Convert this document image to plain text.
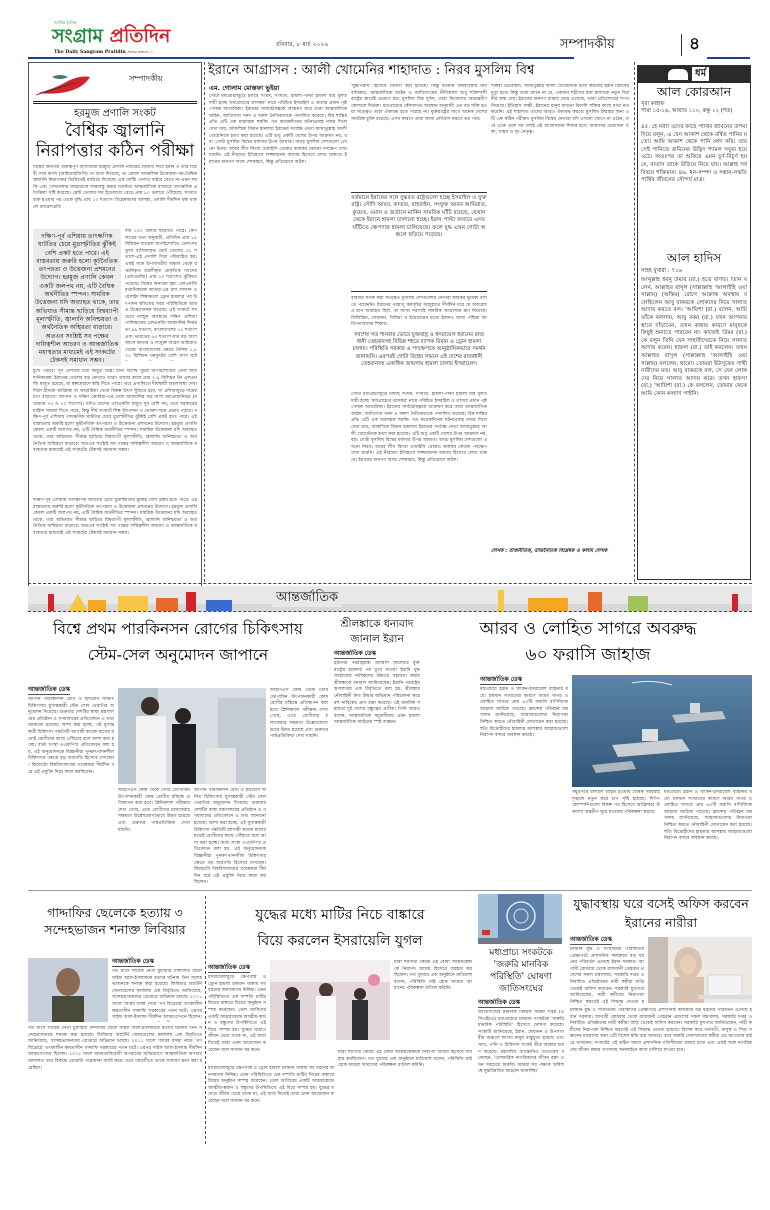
জাতীয় দৈনিক
সংগ্রাম প্রতিদিন
The Daily Sangram Pratidin সত্যের সন্ধানে...!
রবিবার, ৮ মার্চ ২০২৬	সম্পাদকীয়	৪
সম্পাদকীয়
হরমুজ প্রণালি সংকট
বৈশ্বিক জ্বালানি নিরাপত্তার কঠিন পরীক্ষা
বিশ্বের অন্যতম গুরুত্বপূর্ণ বাণিজ্যিক হরমুজ প্রণালি নজরের ঘোষণা দিয়ে ইরান ও তার বিপ্লবী গার্ড কর্পস (আইআরজিসি) যে বার্তা দিয়েছে, তা কেবল আঞ্চলিক উত্তেজনা নয়-বৈশ্বিক জ্বালানি নিরাপত্তার ভিত্তিতেই নাড়িয়ে দিয়েছে। এক ফোঁটা তেলও বাইরে যেতে না-এমন হুমকি এবং সেখানকার জাহাজকে লক্ষ্যবস্তু করার সতর্কতা আন্তর্জাতিক বাজারে তাৎক্ষণিক প্রতিক্রিয়া সৃষ্টি করেছে। ব্রেন্ট তেলের দাম ইতোমধ্যে বেড়ে প্রায় ৮০ ডলারে পৌঁছেছে; সংঘাত শুরু হওয়ার পর থেকে বৃদ্ধি প্রায় ১০ শতাংশ। বিশ্লেষকদের আশঙ্কা, প্রণালি দীর্ঘদিন বন্ধ থাকলে ব্যারেলপ্রতি
দক্ষিণ-পূর্ব এশিয়ায় তাৎক্ষণিক ঘাটতির চেয়ে মুদ্রাস্ফীতির ঝুঁকিই বেশি প্রকট হতে পারে। এই বাস্তবতায় জরুরি হলো কূটনৈতিক তৎপরতা ও উত্তেজনা প্রশমনের উদ্যোগ। হরমুজ প্রণালি কেবল একটি জলপথ নয়, এটি বৈশ্বিক অর্থনীতির স্পন্দন। সামরিক উত্তেজনা যদি অব্যাহত থাকে, তার অভিঘাত সীমান্ত ছাড়িয়ে বিশ্বব্যাপী মূল্যস্ফীতি, জ্বালানি অনিশ্চয়তা ও অর্থনৈতিক অস্থিরতা বাড়াবে। অতএব সংশ্লিষ্ট সব পক্ষের দায়িত্বশীল আচরণ ও আন্তর্জাতিক মধ্যস্থতার মাধ্যমেই এই সংকটের টেকসই সমাধান সম্ভব।
দাম ১০০ ডলার ছাড়াতে পারে। কেপলারের তথ্য অনুযায়ী, প্রতিদিন প্রায় ১৫ মিলিয়ন ব্যারেল অপরিশোধিত তেল-সমতুল্য বাণিজ্যকৃত মোট তেলের ৩১ শতাংশ-এই প্রণালি দিয়ে পরিবাহিত হয়। একই সঙ্গে উপসাগরীয় অঞ্চল থেকে রপ্তানিকৃত তরলীকৃত প্রাকৃতিক গ্যাসের (এলএনজি) প্রায় ২০ শতাংশও ঝুঁকিতে পড়েছে। বিশ্বের অন্যতম বৃহৎ এলএনজি রপ্তানিকারক কাতার-এর রাস লাফান ও মেসাইদ শিল্পাঞ্চলে ড্রোন হামলার পর উৎপাদন স্থগিতের খবর পরিস্থিতিকে আরও উদ্বেগজনক করেছে। এই সংকটে সবচেয়ে নাজুক অবস্থানে দক্ষিণ এশিয়া। পাকিস্তানের এলএনজি আমদানির নির্ভরতা ৯৯ শতাংশ, বাংলাদেশের ৭২ শতাংশ এবং ভারতের ৫৩ শতাংশ-যার বড় অংশ আসে কাতার ও সংযুক্ত আরব আমিরাত থেকে। বাংলাদেশের ক্ষেত্রে দৈনিক ১,৫০০ মিলিয়ন ঘনফুটের বেশি গ্যাস ঘাট
মুখে পড়বে। পূর্ব এশিয়ার চিত্র কিছুটা ভিন্ন। চীনা বিশেষ খুচরা অপরিশোধিত তেল আমদানিকারক; ইরানের তেলের বড় ক্রেতাও তারা। তাদের কাছে প্রায় ৭.৯ মিলিয়ন টন এলএনজি মজুত রয়েছে, যা স্বল্পমেয়াদে স্বস্তি দিতে পারে। তবে প্রণালিতে দীর্ঘস্থায়ী অচলাবস্থা দেখা দিলে চীনকে আফ্রিকা বা আমেরিকা থেকে বিকল্প উৎস খুঁজতে হবে, যা এশিয়াজুড়ে দামের চাপ বাড়াবে। জাপান ও দক্ষিণ কোরিয়া-এর তেল আমদানির বড় অংশ মধ্যপ্রাচ্যনির্ভর (যথাক্রমে ৭৫ ও ৭০ শতাংশ)। যদিও তাদের এলএনজি মজুত খুব বেশি নয়, তবে সরকারের চাহিদা সামাল দিতে পারে, কিন্তু দীর্ঘ সংকটে শিল্প উৎপাদন ও ভোক্তা দামে প্রভাব পড়বে। দক্ষিণ-পূর্ব এশিয়ায় তাৎক্ষণিক ঘাটতির চেয়ে মুদ্রাস্ফীতির ঝুঁকিই বেশি প্রকট হতে পারে। এই বাস্তবতায় জরুরি হলো কূটনৈতিক তৎপরতা ও উত্তেজনা প্রশমনের উদ্যোগ। হরমুজ প্রণালি কেবল একটি জলপথ নয়, এটি বৈশ্বিক অর্থনীতির স্পন্দন। সামরিক উত্তেজনা যদি অব্যাহত থাকে, তার অভিঘাত সীমান্ত ছাড়িয়ে বিশ্বব্যাপী মূল্যস্ফীতি, জ্বালানি অনিশ্চয়তা ও অর্থনৈতিক অস্থিরতা বাড়াবে। অতএব সংশ্লিষ্ট সব পক্ষের দায়িত্বশীল আচরণ ও আন্তর্জাতিক মধ্যস্থতার মাধ্যমেই এই সংকটের টেকসই সমাধান সম্ভব।
দক্ষিণ-পূর্ব এশিয়ায় তাৎক্ষণিক ঘাটতির চেয়ে মুদ্রাস্ফীতির ঝুঁকিই বেশি প্রকট হতে পারে। এই বাস্তবতায় জরুরি হলো কূটনৈতিক তৎপরতা ও উত্তেজনা প্রশমনের উদ্যোগ। হরমুজ প্রণালি কেবল একটি জলপথ নয়, এটি বৈশ্বিক অর্থনীতির স্পন্দন। সামরিক উত্তেজনা যদি অব্যাহত থাকে, তার অভিঘাত সীমান্ত ছাড়িয়ে বিশ্বব্যাপী মূল্যস্ফীতি, জ্বালানি অনিশ্চয়তা ও অর্থনৈতিক অস্থিরতা বাড়াবে। অতএব সংশ্লিষ্ট সব পক্ষের দায়িত্বশীল আচরণ ও আন্তর্জাতিক মধ্যস্থতার মাধ্যমেই এই সংকটের টেকসই সমাধান সম্ভব।
ইরানে আগ্রাসন : আলী খোমেনির শাহাদাত : নিরব মুসলিম বিশ্ব
এম. গোলাম মোস্তফা ভুইয়া
গোটা মধ্যপ্রাচ্যজুড়ে চলছে সংঘর্ষ, সংঘাত, হামলা-পাল্টা হামলা যার মূলত দায়ী হচ্ছে 'মধ্যপ্রাচ্যের ত্রাসকর' নামে পরিচিত ইসরাইল ও তাদের প্রধান পৃষ্ঠপোষক আমেরিকা। ইরানের সার্বভৌমত্বকে আক্রমণ করে তারা আন্তর্জাতিক আইন, জাতিসংঘ সনদ ও সকল নৈতিকতাকে পদদলিত করেছে। বিশ্ব শান্তির প্রতি এটি এক মারাত্মক হুমকি। গত কয়েকদিনের ঘটনাপ্রবাহ নজর দিলে দেখা যায়, আকস্মিক বিমান হামলায় ইরানের সর্বোচ্চ নেতা আয়াতুল্লাহ আলী খোমেনিকে হত্যা করা হয়েছে। এটি শুধু একটি দেশের উপর আক্রমণ নয়, বরং গোটা মুসলিম বিশ্বের মর্যাদার উপর আঘাত। অথচ মুসলিম দেশগুলো এখনো নিরব। আরব লীগ কিংবা ওআইসি থেকেও কার্যকর কোনো পদক্ষেপ দেখা যায়নি। এই নীরবতা ইতিহাসে লজ্জাজনক অধ্যায় হিসেবে লেখা থাকবে। ইরানের জনগণ আজ শোকাহত, কিন্তু প্রতিরোধে অটল।
'যুদ্ধাপরাধ' হিসেবে ঘোষণা করা হয়েছে। কিন্তু বর্তমান বিশ্বব্যবস্থায় মানবাধিকার, আন্তর্জাতিক আইন ও জাতিসংঘের নীতিমালা শুধু শক্তিশালী রাষ্ট্রের স্বার্থেই প্রয়োগ হয়। মুসলিম বিশ্ব দুর্বল; তারা নিজেদের অভ্যন্তরীণ কোন্দলে বিভক্ত। মধ্যপ্রাচ্যের কৌশলগত অবস্থান অনুযায়ী এত বড় শক্তি হওয়া সত্ত্বেও তারা ঐক্যবদ্ধ হতে পারছে না। যুক্তরাষ্ট্রের সাথে অনেক দেশের সামরিক চুক্তি রয়েছে। এসব কারণে তারা আজ প্রতিবাদ করতে ভয় পায়।
বর্তমানে ইরানের সঙ্গে যুদ্ধরত রাষ্ট্রগুলো হচ্ছে ইসরাইল ও যুক্তরাষ্ট্র। সৌদি আরব, কাতার, বাহরাইন, সংযুক্ত আরব আমিরাত, কুয়েত, ওমান ও জর্ডানে মার্কিন সামরিক ঘাঁটি রয়েছে, যেখান থেকে ইরানে হামলা চালানো হচ্ছে। ইরান পাল্টা জবাবে এসব ঘাঁটিতে ক্ষেপণাস্ত্র হামলা চালিয়েছে। ফলে যুদ্ধ এখন গোটা অঞ্চলে ছড়িয়ে পড়েছে।
বারবার সতর্ক করা সত্ত্বেও মুসলিম দেশগুলোর নেতারা কার্যকর ভূমিকা রাখতে পারেননি। ইরানের পরমাণু কর্মসূচির অজুহাতে দীর্ঘদিন ধরে যে অবরোধ ও চাপ অব্যাহত ছিল, তা আজ সরাসরি সামরিক আগ্রাসনে রূপ নিয়েছে। ফিলিস্তিন, লেবানন, সিরিয়া ও ইয়েমেনের মতো ইরানও আজ পশ্চিমা আধিপত্যবাদের শিকার।
সর্বশেষ গত শনিবার ভোরে যুক্তরাষ্ট্র ও ইসরায়েল ইরানের রাজধানী তেহরানসহ বিভিন্ন শহরে ব্যাপক বিমান ও ড্রোন হামলা চালায়। পরিস্থিতি সরকার এ পদক্ষেপকে আনুষ্ঠানিকভাবে সমর্থন জানায়নি। এরপরই গোটা বিশ্বের সামনে এই দেশের রাজধানী তেহরানসহ একাধিক জায়গায় হামলা চালায় ইসরায়েল।
গোটা মধ্যপ্রাচ্যজুড়ে চলছে সংঘর্ষ, সংঘাত, হামলা-পাল্টা হামলা যার মূলত দায়ী হচ্ছে 'মধ্যপ্রাচ্যের ত্রাসকর' নামে পরিচিত ইসরাইল ও তাদের প্রধান পৃষ্ঠপোষক আমেরিকা। ইরানের সার্বভৌমত্বকে আক্রমণ করে তারা আন্তর্জাতিক আইন, জাতিসংঘ সনদ ও সকল নৈতিকতাকে পদদলিত করেছে। বিশ্ব শান্তির প্রতি এটি এক মারাত্মক হুমকি। গত কয়েকদিনের ঘটনাপ্রবাহ নজর দিলে দেখা যায়, আকস্মিক বিমান হামলায় ইরানের সর্বোচ্চ নেতা আয়াতুল্লাহ আলী খোমেনিকে হত্যা করা হয়েছে। এটি শুধু একটি দেশের উপর আক্রমণ নয়, বরং গোটা মুসলিম বিশ্বের মর্যাদার উপর আঘাত। অথচ মুসলিম দেশগুলো এখনো নিরব। আরব লীগ কিংবা ওআইসি থেকেও কার্যকর কোনো পদক্ষেপ দেখা যায়নি। এই নীরবতা ইতিহাসে লজ্জাজনক অধ্যায় হিসেবে লেখা থাকবে। ইরানের জনগণ আজ শোকাহত, কিন্তু প্রতিরোধে অটল।
শত্রুরা ভেবেছিল, আয়াতুল্লাহ আলী খোমেনিকে হত্যা করলেই ইরান বিপ্লবের মৃত্যু হবে। কিন্তু তারা জানে না যে, একজন শহীদের রক্ত হাজারো নতুন বিপ্লবীর জন্ম দেয়। ইরানের জনগণ রাস্তায় নেমে এসেছে, তারা প্রতিশোধের শপথ নিয়েছে। ইতিহাস সাক্ষী, ইরানের মানুষ কখনো বিদেশি শক্তির কাছে মাথা নত করেনি। এই শাহাদাত তাদের আরও ঐক্যবদ্ধ করবে। মুসলিম উম্মাহর জন্য এটি এক কঠিন পরীক্ষা। মুসলিম বিশ্বের নেতারা যদি এখনো জেগে না ওঠেন, তবে একে একে সব দেশই এই আগ্রাসনের শিকার হবে। আমাদের প্রয়োজন ঐক্য, সাহস ও দৃঢ় নেতৃত্ব।
লেখক : রাজনীতিক, রাজনৈতিক বিশ্লেষক ও কলাম লেখক
ধর্ম
আল কোরআন
সূরা কাহাফ
পারা ১৫-১৬, আয়াত ১১০, রুকু ১২ (শর্ত)
৪৫. হে নবী! ওদের কাছে পার্থিব জীবনের উপমা দিয়ে বলুন, এ যেন আকাশ থেকে বর্ষিত পানির মতো। আমি আকাশ থেকে পানি বর্ষণ করি। তার সেই পানিতে জমিনের উদ্ভিদ শ্যামল সবুজ হয়ে ওঠে। অতঃপর তা শুকিয়ে এমন চূর্ণ-বিচূর্ণ হয় যে, বাতাস তাকে উড়িয়ে নিয়ে যায়। আল্লাহ সর্ববিষয়ে শক্তিমান। ৪৬. ধন-সম্পদ ও সন্তান-সন্ততি পার্থিব জীবনের সৌন্দর্য মাত্র।
আল হাদিস
সহিহ বুখারী : ৭১৬
আব্দুল্লাহ ইবনু উমার (রা.) হতে বর্ণিত। তিনি বলেন, আল্লাহর রাসূল (সাল্লাল্লাহু 'আলাইহি ওয়া সাল্লাম) (অন্তিম) রোগে আক্রান্ত অবস্থায় বলেছিলেন আবু বাকরকে লোকদের নিয়ে সালাত আদায় করতে বল। 'আয়িশা (রা.) বলেন, আমি তাঁকে বললাম, আবু বকর (রা.) যখন আপনার স্থানে দাঁড়াবেন, তখন কান্নার কারণে মানুষকে কিছুই শুনাতে পারবেন না। কাজেই 'উমর (রা.) কে বলুন তিনি যেন সাহাবীদেরকে নিয়ে সালাত আদায় করেন। হাফসা (রা.) তাই করলেন। তখন আল্লাহর রাসূল (সাল্লাল্লাহু 'আলাইহি ওয়া সাল্লাম) বললেন, থামো। তোমরা ইউসুফের সাথী নারীদের মত। আবু বাকরকে বল, সে যেন লোকদের নিয়ে সালাত আদায় করে। তখন হাফসা (রা.) 'আয়িশা (রা.) কে বললেন, তোমার থেকে আমি কোন কল্যাণ পাইনি।
আন্তর্জাতিক
বিশ্বে প্রথম পারকিনসন রোগের চিকিৎসায়
স্টেম-সেল অনুমোদন জাপানে
আন্তর্জাতিক ডেস্ক
জাপান পারকিনসন রোগ ও হৃদরোগ জনিত চিকিৎসায় যুগান্তকারী স্টেম সেল থেরাপির অনুমোদন দিয়েছে। শুক্রবার দেশটির স্বাস্থ্য মন্ত্রণালয়ের প্রতিষ্ঠান ও গণমাধ্যমের প্রতিবেদনে এ তথ্য জানানো হয়েছে। আশা করা হচ্ছে, এই যুগান্তকারী চিকিৎসা পদ্ধতিটি আগামী কয়েক মাসের মধ্যেই রোগীদের কাছে পৌঁছাবে বলে আশা করা হচ্ছে। বার্তা সংস্থা এএফপি'র প্রতিবেদনে বলা হয়, এই অনুমোদনকে বিজ্ঞানীরা পুনরুৎপাদনশীল চিকিৎসার ক্ষেত্রে বড় অগ্রগতি হিসেবে দেখছেন। কিয়োটো বিশ্ববিদ্যালয়ের গবেষকরা দীর্ঘদিন ধরে এই প্রযুক্তি নিয়ে কাজ করছিলেন।
আইপিএস কোষ থেকে তৈরি ডোপামিন উৎপাদনকারী কোষ রোগীর মস্তিষ্কে প্রতিস্থাপন করা হবে। ক্লিনিক্যাল পরীক্ষায় দেখা গেছে, এতে রোগীদের চলাফেরার সক্ষমতা উল্লেখযোগ্যভাবে উন্নত হয়েছে এবং গুরুতর পার্শ্বপ্রতিক্রিয়া দেখা যায়নি।
জাপান পারকিনসন রোগ ও হৃদরোগ জনিত চিকিৎসায় যুগান্তকারী স্টেম সেল থেরাপির অনুমোদন দিয়েছে। শুক্রবার দেশটির স্বাস্থ্য মন্ত্রণালয়ের প্রতিষ্ঠান ও গণমাধ্যমের প্রতিবেদনে এ তথ্য জানানো হয়েছে। আশা করা হচ্ছে, এই যুগান্তকারী চিকিৎসা পদ্ধতিটি আগামী কয়েক মাসের মধ্যেই রোগীদের কাছে পৌঁছাবে বলে আশা করা হচ্ছে। বার্তা সংস্থা এএফপি'র প্রতিবেদনে বলা হয়, এই অনুমোদনকে বিজ্ঞানীরা পুনরুৎপাদনশীল চিকিৎসার ক্ষেত্রে বড় অগ্রগতি হিসেবে দেখছেন। কিয়োটো বিশ্ববিদ্যালয়ের গবেষকরা দীর্ঘদিন ধরে এই প্রযুক্তি নিয়ে কাজ করছিলেন।
আইপিএস কোষ থেকে তৈরি ডোপামিন উৎপাদনকারী কোষ রোগীর মস্তিষ্কে প্রতিস্থাপন করা হবে। ক্লিনিক্যাল পরীক্ষায় দেখা গেছে, এতে রোগীদের চলাফেরার সক্ষমতা উল্লেখযোগ্যভাবে উন্নত হয়েছে এবং গুরুতর পার্শ্বপ্রতিক্রিয়া দেখা যায়নি।
শ্রীলঙ্কাকে ধন্যবাদ জানাল ইরান
আন্তর্জাতিক ডেস্ক
ইরানের পররাষ্ট্রমন্ত্রী আব্বাস আরাঘচি যুক্তরাষ্ট্রের হামলার পর ডুবে যাওয়া ইরানি যুদ্ধজাহাজের নাবিকদের উদ্ধারে সহায়তা করায় শ্রীলঙ্কাকে ধন্যবাদ জানিয়েছেন। ইরানি পররাষ্ট্রমন্ত্রণালয়ের এক বিবৃতিতে বলা হয়, শ্রীলঙ্কার নৌবাহিনী দ্রুত উদ্ধার অভিযান পরিচালনা করে বহু নাবিকের প্রাণ রক্ষা করেছে। এই মানবিক সহায়তা দুই দেশের বন্ধুত্বের প্রতীক। তিনি আরও বলেন, আন্তর্জাতিক সমুদ্রসীমায় এমন হামলা আন্তর্জাতিক আইনের স্পষ্ট লঙ্ঘন।
আরব ও লোহিত সাগরে অবরুদ্ধ
৬০ ফরাসি জাহাজ
আন্তর্জাতিক ডেস্ক
মধ্যপ্রাচ্যে ইরান ও মার্কিন-ইসরায়েল বাহিনীর মধ্যে চলমান সংঘাতের কারণে আরব সাগর ও লোহিত সাগরে প্রায় ৬০টি ফরাসি বাণিজ্যিক জাহাজ আটকে পড়েছে। ফ্রান্সের পরিবহন মন্ত্রণালয় জানিয়েছে, জাহাজগুলোর নিরাপত্তা নিশ্চিত করতে নৌবাহিনী মোতায়েন করা হয়েছে। হুতি বিদ্রোহীদের হামলার আশঙ্কায় জাহাজগুলো নিরাপদ বন্দরে অবস্থান করছে।
সমুদ্রপথে চলাচল ব্যাহত হওয়ায় বৈশ্বিক সরবরাহ শৃঙ্খলে নতুন করে চাপ সৃষ্টি হয়েছে। শিপিং কোম্পানিগুলো বিকল্প পথ হিসেবে আফ্রিকার উত্তমাশা অন্তরীপ ঘুরে যাওয়ার পরিকল্পনা করছে।
মধ্যপ্রাচ্যে ইরান ও মার্কিন-ইসরায়েল বাহিনীর মধ্যে চলমান সংঘাতের কারণে আরব সাগর ও লোহিত সাগরে প্রায় ৬০টি ফরাসি বাণিজ্যিক জাহাজ আটকে পড়েছে। ফ্রান্সের পরিবহন মন্ত্রণালয় জানিয়েছে, জাহাজগুলোর নিরাপত্তা নিশ্চিত করতে নৌবাহিনী মোতায়েন করা হয়েছে। হুতি বিদ্রোহীদের হামলার আশঙ্কায় জাহাজগুলো নিরাপদ বন্দরে অবস্থান করছে।
গাদ্দাফির ছেলেকে হত্যায় ৩ সন্দেহভাজন শনাক্ত লিবিয়ার
আন্তর্জাতিক ডেস্ক
গত মাসে সাবেক নেতা মুয়াম্মার গাদ্দাফির ছেলে সাইফ আল-ইসলামকে হত্যার ঘটনায় তিন সন্দেহভাজনকে শনাক্ত করা হয়েছে। লিবিয়ার অ্যাটর্নি জেনারেলের কার্যালয় এক বিবৃতিতে জানিয়েছে, সন্দেহভাজনদের গ্রেপ্তারে অভিযান চলছে। ২০১১ সালে 'আরব বসন্ত' নামে 'গণ বিদ্রোহে' তৎকালীন ক্ষমতাসীন গাদ্দাফি সরকারের পতন ঘটে। এরপর সাইফ আল-ইসলাম দীর্ঘদিন আত্মগোপনে ছিলেন।
গত মাসে সাবেক নেতা মুয়াম্মার গাদ্দাফির ছেলে সাইফ আল-ইসলামকে হত্যার ঘটনায় তিন সন্দেহভাজনকে শনাক্ত করা হয়েছে। লিবিয়ার অ্যাটর্নি জেনারেলের কার্যালয় এক বিবৃতিতে জানিয়েছে, সন্দেহভাজনদের গ্রেপ্তারে অভিযান চলছে। ২০১১ সালে 'আরব বসন্ত' নামে 'গণ বিদ্রোহে' তৎকালীন ক্ষমতাসীন গাদ্দাফি সরকারের পতন ঘটে। এরপর সাইফ আল-ইসলাম দীর্ঘদিন আত্মগোপনে ছিলেন। ২০১১ সালে মানবতাবিরোধী অপরাধের অভিযোগে আন্তর্জাতিক অপরাধ আদালত তার বিরুদ্ধে গ্রেপ্তারি পরোয়ানা জারি করে। তবে পরবর্তীতে তাকে সাধারণ ক্ষমা করা হয়েছিল।
যুদ্ধের মধ্যে মাটির নিচে বাঙ্কারে
বিয়ে করলেন ইসরায়েলি যুগল
আন্তর্জাতিক ডেস্ক
ইসরায়েলজুড়ে ক্ষেপণাস্ত্র ও ড্রোন হামলা চলমান থাকায় সব ধরনের জনসমাগম নিষিদ্ধ। এমন পরিস্থিতিতে এক দম্পতি মাটির নিচের বাঙ্কারে বিয়ের অনুষ্ঠান সম্পন্ন করেছেন। তেল আবিবের একটি আশ্রয়কেন্দ্রে আত্মীয়-স্বজন ও বন্ধুদের উপস্থিতিতে এই বিয়ে সম্পন্ন হয়। যুদ্ধের মধ্যেও জীবন থেমে থাকে না, এই বার্তা দিতেই তারা এমন আয়োজন করেছেন বলে জানান বর-কনে।
যারা শরণার্থী কেন্দ্রে এই বোমা আশ্রয়কেন্দ্রকে নিরাপদ আশ্রয় হিসেবে ব্যবহার করছিলেন। গত বুধবার এক অনুষ্ঠানে মাতিয়াহু বলেন, পরিস্থিতি যাই হোক আমরা আমাদের পরিকল্পনা বাতিল করিনি।
ইসরায়েলজুড়ে ক্ষেপণাস্ত্র ও ড্রোন হামলা চলমান থাকায় সব ধরনের জনসমাগম নিষিদ্ধ। এমন পরিস্থিতিতে এক দম্পতি মাটির নিচের বাঙ্কারে বিয়ের অনুষ্ঠান সম্পন্ন করেছেন। তেল আবিবের একটি আশ্রয়কেন্দ্রে আত্মীয়-স্বজন ও বন্ধুদের উপস্থিতিতে এই বিয়ে সম্পন্ন হয়। যুদ্ধের মধ্যেও জীবন থেমে থাকে না, এই বার্তা দিতেই তারা এমন আয়োজন করেছেন বলে জানান বর-কনে।
যারা শরণার্থী কেন্দ্রে এই বোমা আশ্রয়কেন্দ্রকে নিরাপদ আশ্রয় হিসেবে ব্যবহার করছিলেন। গত বুধবার এক অনুষ্ঠানে মাতিয়াহু বলেন, পরিস্থিতি যাই হোক আমরা আমাদের পরিকল্পনা বাতিল করিনি।
মধ্যপ্রাচ্য সংকটকে 'জরুরি মানবিক পরিস্থিতি' ঘোষণা জাতিসংঘের
আন্তর্জাতিক ডেস্ক
জাতিসংঘের মানবিক বিষয়ক সমন্বয় দপ্তর (ওসিএইচএ) মধ্যপ্রাচ্যের চলমান সংকটকে 'জরুরি মানবিক পরিস্থিতি' হিসেবে ঘোষণা করেছে। সংস্থাটি জানিয়েছে, ইরান, লেবানন ও উপসাগরীয় অঞ্চলে লাখো মানুষ বাস্তুচ্যুত হয়েছে এবং খাদ্য, পানি ও চিকিৎসা সংকট তীব্র আকার ধারণ করেছে। মহাসচিব আন্তোনিও গুতেরেস বলেছেন, 'বেসামরিক নাগরিকদের জীবন রক্ষা এখন সবচেয়ে জরুরি। আমরা সব পক্ষকে অবিলম্বে যুদ্ধবিরতির আহ্বান জানাচ্ছি।'
যুদ্ধাবস্থায় ঘরে বসেই অফিস করবেন ইরানের নারীরা
আন্তর্জাতিক ডেস্ক
চলমান যুদ্ধ ও সংঘাতময় পরিস্থিতির প্রেক্ষাপটে প্রশাসনিক কার্যক্রমে বড় ধরনের পরিবর্তন এনেছে ইরান সরকার। আগামী রোববার থেকে রাজধানী তেহরান প্রদেশের সকল মন্ত্রণালয়, সরকারি দপ্তর ও নির্বাচিত প্রতিষ্ঠানের নারী কর্মীরা বাড়ি থেকেই অফিস করবেন। সরকারি মুখপাত্র জানিয়েছেন, নারী কর্মীদের নিরাপত্তা নিশ্চিত করতেই এই সিদ্ধান্ত নেওয়া হ
চলমান যুদ্ধ ও সংঘাতময় পরিস্থিতির প্রেক্ষাপটে প্রশাসনিক কার্যক্রমে বড় ধরনের পরিবর্তন এনেছে ইরান সরকার। আগামী রোববার থেকে রাজধানী তেহরান প্রদেশের সকল মন্ত্রণালয়, সরকারি দপ্তর ও নির্বাচিত প্রতিষ্ঠানের নারী কর্মীরা বাড়ি থেকেই অফিস করবেন। সরকারি মুখপাত্র জানিয়েছেন, নারী কর্মীদের নিরাপত্তা নিশ্চিত করতেই এই সিদ্ধান্ত নেওয়া হয়েছে। বিশেষ করে গর্ভবতী, অসুস্থ ও শিশু সন্তানের মায়েদের জন্য এটি বিশেষ স্বস্তি বয়ে আনবে। তবে জরুরি সেবাখাতের কর্মীরা এর আওতার বাইরে থাকবেন। সংকটের এই কঠিন সময়ে প্রশাসনিক গতিশীলতা বজায় রাখা এবং একই সঙ্গে নাগরিকদের জীবন রক্ষার তাগাদায় অনলাইনে কাজ চালিয়ে যাওয়া হবে।
